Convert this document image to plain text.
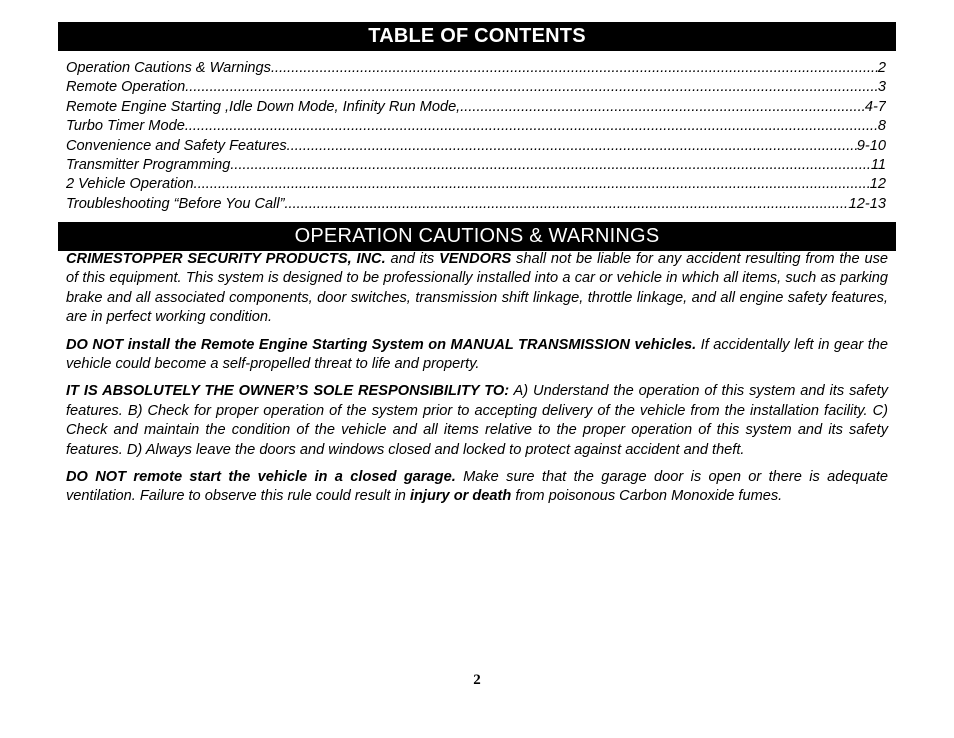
TABLE OF CONTENTS
Operation Cautions & Warnings .....	2
Remote Operation .....	3
Remote Engine Starting ,Idle Down Mode, Infinity Run Mode, .....	4-7
Turbo Timer Mode .....	8
Convenience and Safety Features .....	9-10
Transmitter Programming .....	11
2 Vehicle Operation .....	12
Troubleshooting “Before You Call” .....	12-13
OPERATION CAUTIONS & WARNINGS

CRIMESTOPPER SECURITY PRODUCTS, INC. and its VENDORS shall not be liable for any accident resulting from the use of this equipment. This system is designed to be professionally installed into a car or vehicle in which all items, such as parking brake and all associated components, door switches, transmission shift linkage, throttle linkage, and all engine safety features, are in perfect working condition.

DO NOT install the Remote Engine Starting System on MANUAL TRANSMISSION vehicles. If accidentally left in gear the vehicle could become a self-propelled threat to life and property.

IT IS ABSOLUTELY THE OWNER’S SOLE RESPONSIBILITY TO: A) Understand the operation of this system and its safety features. B) Check for proper operation of the system prior to accepting delivery of the vehicle from the installation facility. C) Check and maintain the condition of the vehicle and all items relative to the proper operation of this system and its safety features. D) Always leave the doors and windows closed and locked to protect against accident and theft.

DO NOT remote start the vehicle in a closed garage. Make sure that the garage door is open or there is adequate ventilation. Failure to observe this rule could result in injury or death from poisonous Carbon Monoxide fumes.

2
